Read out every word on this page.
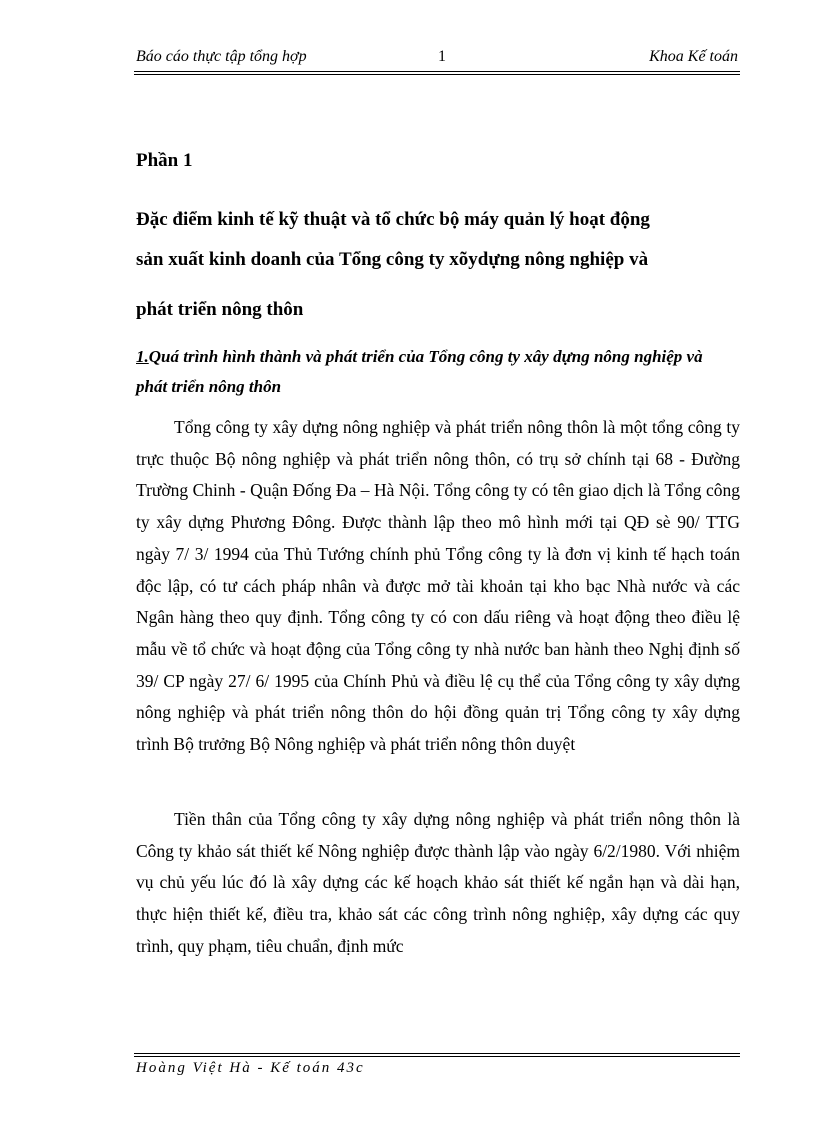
Báo cáo thực tập tổng hợp	1	Khoa Kế toán
Phần 1
Đặc điểm kinh tế kỹ thuật và tổ chức bộ máy quản lý hoạt động
sản xuất kinh doanh của Tổng công ty xõydựng nông nghiệp và
phát triển nông thôn
1.Quá trình hình thành và phát triển của Tổng công ty xây dựng nông nghiệp và phát triển nông thôn

Tổng công ty xây dựng nông nghiệp và phát triển nông thôn là một tổng công ty trực thuộc Bộ nông nghiệp và phát triển nông thôn, có trụ sở chính tại 68 - Đường Trường Chinh - Quận Đống Đa – Hà Nội. Tổng công ty có tên giao dịch là Tổng công ty xây dựng Phương Đông. Được thành lập theo mô hình mới tại QĐ sè 90/ TTG ngày 7/ 3/ 1994 của Thủ Tướng chính phủ Tổng công ty là đơn vị kinh tế hạch toán độc lập, có tư cách pháp nhân và được mở tài khoản tại kho bạc Nhà nước và các Ngân hàng theo quy định. Tổng công ty có con dấu riêng và hoạt động theo điều lệ mẫu về tổ chức và hoạt động của Tổng công ty nhà nước ban hành theo Nghị định số 39/ CP ngày 27/ 6/ 1995 của Chính Phủ và điều lệ cụ thể của Tổng công ty xây dựng nông nghiệp và phát triển nông thôn do hội đồng quản trị Tổng công ty xây dựng trình Bộ trưởng Bộ Nông nghiệp và phát triển nông thôn duyệt

Tiền thân của Tổng công ty xây dựng nông nghiệp và phát triển nông thôn là Công ty khảo sát thiết kế Nông nghiệp được thành lập vào ngày 6/2/1980. Với nhiệm vụ chủ yếu lúc đó là xây dựng các kế hoạch khảo sát thiết kế ngắn hạn và dài hạn, thực hiện thiết kế, điều tra, khảo sát các công trình nông nghiệp, xây dựng các quy trình, quy phạm, tiêu chuẩn, định mức

Hoàng Việt Hà - Kế toán 43c
